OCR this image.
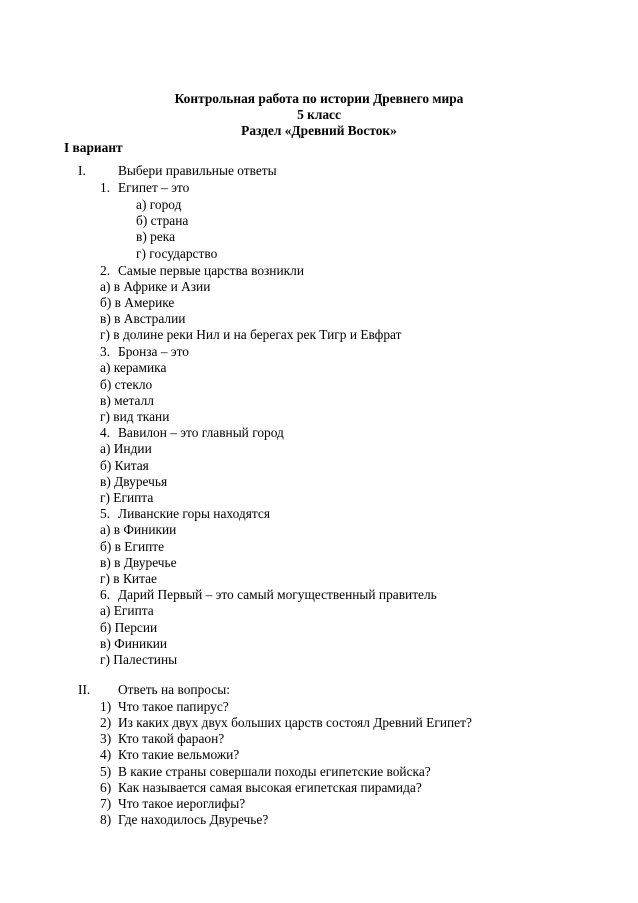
Контрольная работа по истории Древнего мира
5 класс
Раздел «Древний Восток»
I вариант
I. Выбери правильные ответы
1. Египет – это
а) город
б) страна
в) река
г) государство
2. Самые первые царства возникли
а) в Африке и Азии
б) в Америке
в) в Австралии
г) в долине реки Нил и на берегах рек Тигр и Евфрат
3. Бронза – это
а) керамика
б) стекло
в) металл
г) вид ткани
4. Вавилон – это главный город
а) Индии
б) Китая
в) Двуречья
г) Египта
5. Ливанские горы находятся
а) в Финикии
б) в Египте
в) в Двуречье
г) в Китае
6. Дарий Первый – это самый могущественный правитель
а) Египта
б) Персии
в) Финикии
г) Палестины
II. Ответь на вопросы:
1) Что такое папирус?
2) Из каких двух двух больших царств состоял Древний Египет?
3) Кто такой фараон?
4) Кто такие вельможи?
5) В какие страны совершали походы египетские войска?
6) Как называется самая высокая египетская пирамида?
7) Что такое иероглифы?
8) Где находилось Двуречье?
